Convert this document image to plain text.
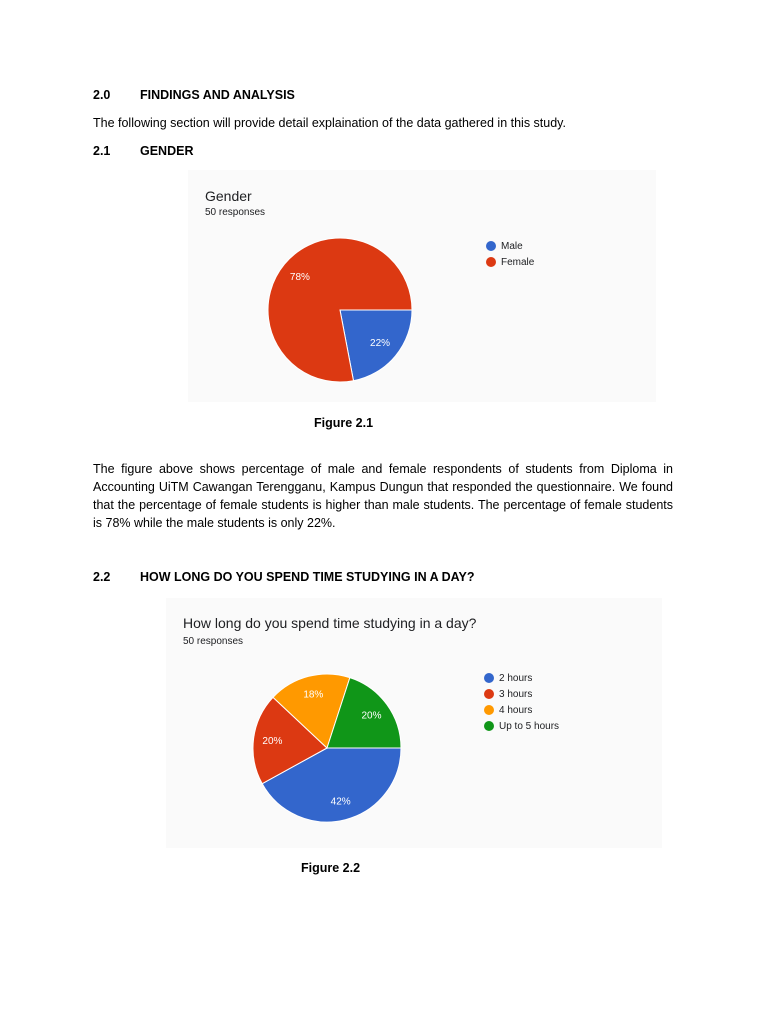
2.0 FINDINGS AND ANALYSIS
The following section will provide detail explaination of the data gathered in this study.
2.1 GENDER
Gender
50 responses
22%
78%
Male
Female
Figure 2.1
The figure above shows percentage of male and female respondents of students from Diploma in Accounting UiTM Cawangan Terengganu, Kampus Dungun that responded the questionnaire. We found that the percentage of female students is higher than male students. The percentage of female students is 78% while the male students is only 22%.
2.2 HOW LONG DO YOU SPEND TIME STUDYING IN A DAY?
How long do you spend time studying in a day?
50 responses
42%
20%
18%
20%
2 hours
3 hours
4 hours
Up to 5 hours
Figure 2.2
